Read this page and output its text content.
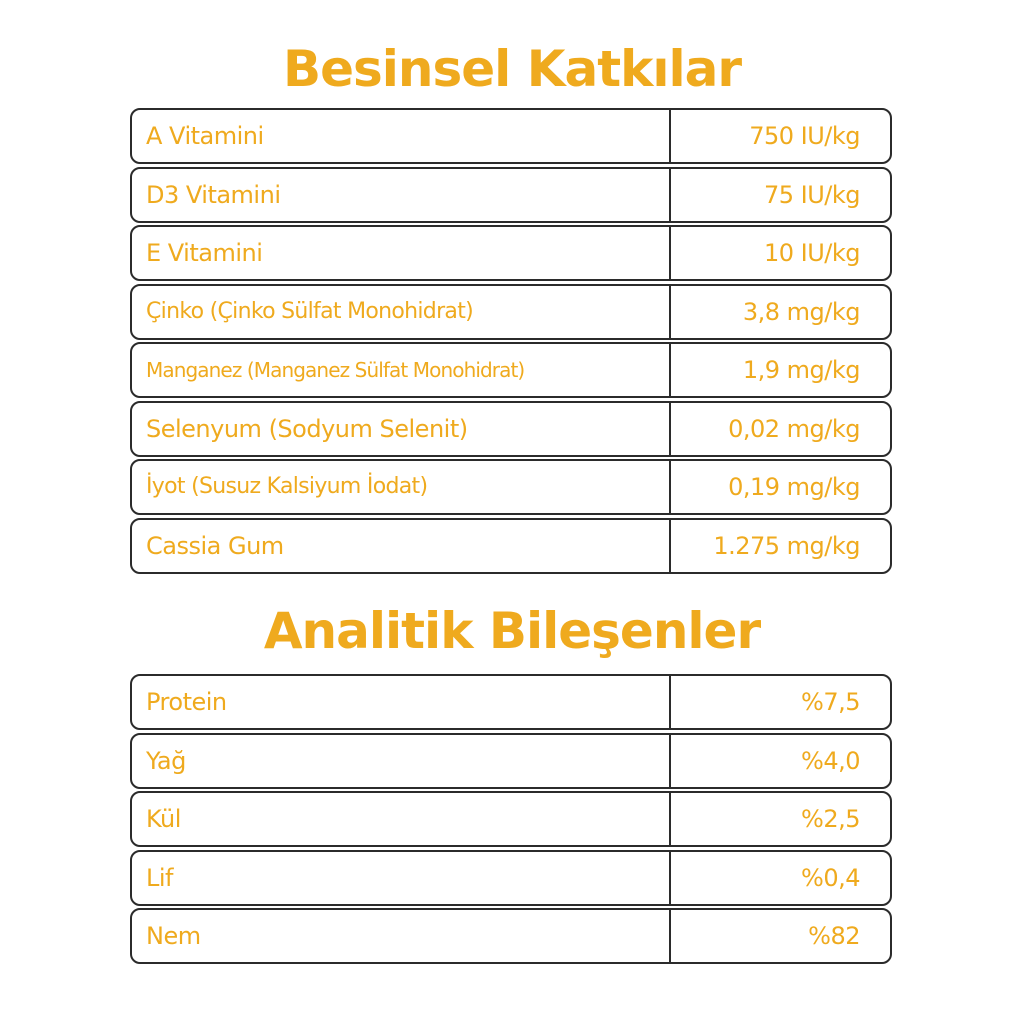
Besinsel Katkılar
A Vitamini	750 IU/kg
D3 Vitamini	75 IU/kg
E Vitamini	10 IU/kg
Çinko (Çinko Sülfat Monohidrat)	3,8 mg/kg
Manganez (Manganez Sülfat Monohidrat)	1,9 mg/kg
Selenyum (Sodyum Selenit)	0,02 mg/kg
İyot (Susuz Kalsiyum İodat)	0,19 mg/kg
Cassia Gum	1.275 mg/kg
Analitik Bileşenler
Protein	%7,5
Yağ	%4,0
Kül	%2,5
Lif	%0,4
Nem	%82
